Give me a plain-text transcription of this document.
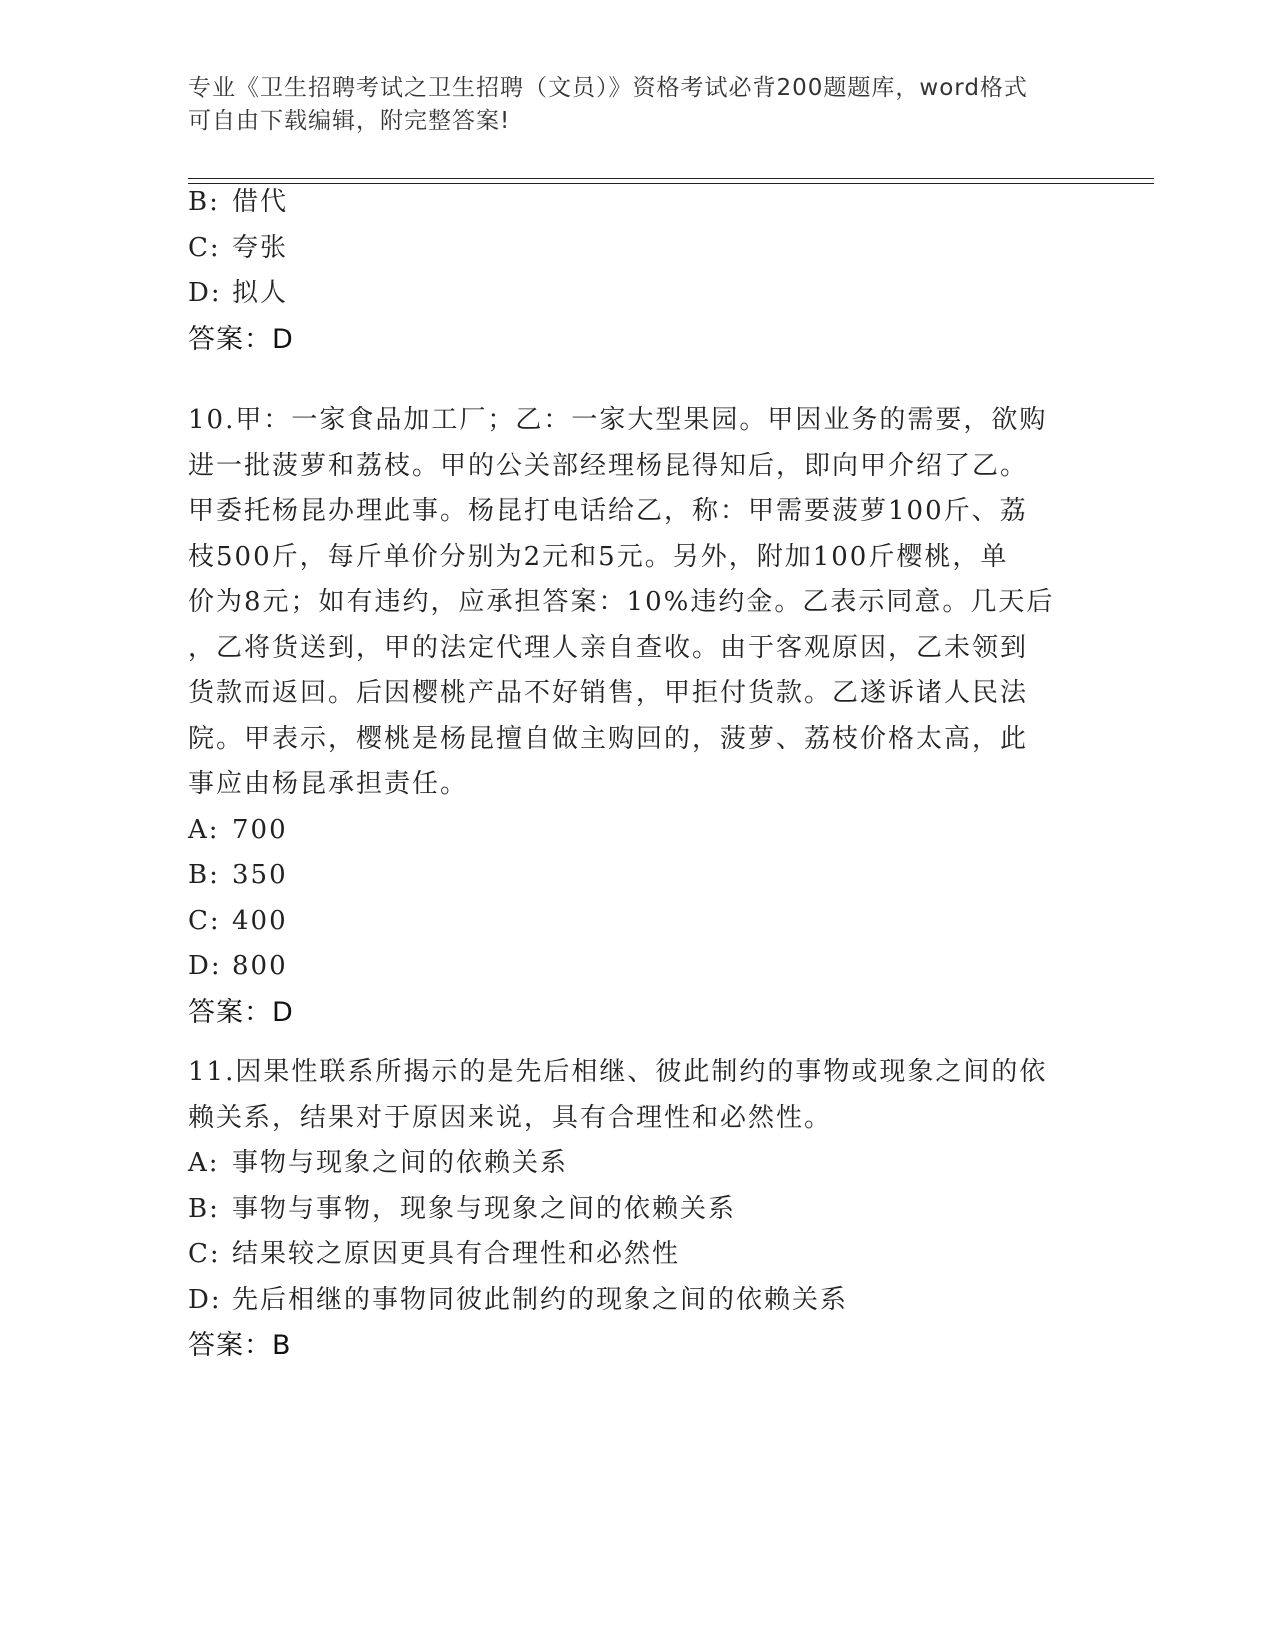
专业《卫生招聘考试之卫生招聘（文员）》资格考试必背200题题库，word格式
可自由下载编辑，附完整答案!
B: 借代
C: 夸张
D: 拟人
答案：D
10.甲：一家食品加工厂；乙：一家大型果园。甲因业务的需要，欲购
进一批菠萝和荔枝。甲的公关部经理杨昆得知后，即向甲介绍了乙。
甲委托杨昆办理此事。杨昆打电话给乙，称：甲需要菠萝100斤、荔
枝500斤，每斤单价分别为2元和5元。另外，附加100斤樱桃，单
价为8元；如有违约，应承担答案：10%违约金。乙表示同意。几天后
，乙将货送到，甲的法定代理人亲自查收。由于客观原因，乙未领到
货款而返回。后因樱桃产品不好销售，甲拒付货款。乙遂诉诸人民法
院。甲表示，樱桃是杨昆擅自做主购回的，菠萝、荔枝价格太高，此
事应由杨昆承担责任。
A: 700
B: 350
C: 400
D: 800
答案：D
11.因果性联系所揭示的是先后相继、彼此制约的事物或现象之间的依
赖关系，结果对于原因来说，具有合理性和必然性。
A: 事物与现象之间的依赖关系
B: 事物与事物，现象与现象之间的依赖关系
C: 结果较之原因更具有合理性和必然性
D: 先后相继的事物同彼此制约的现象之间的依赖关系
答案：B
